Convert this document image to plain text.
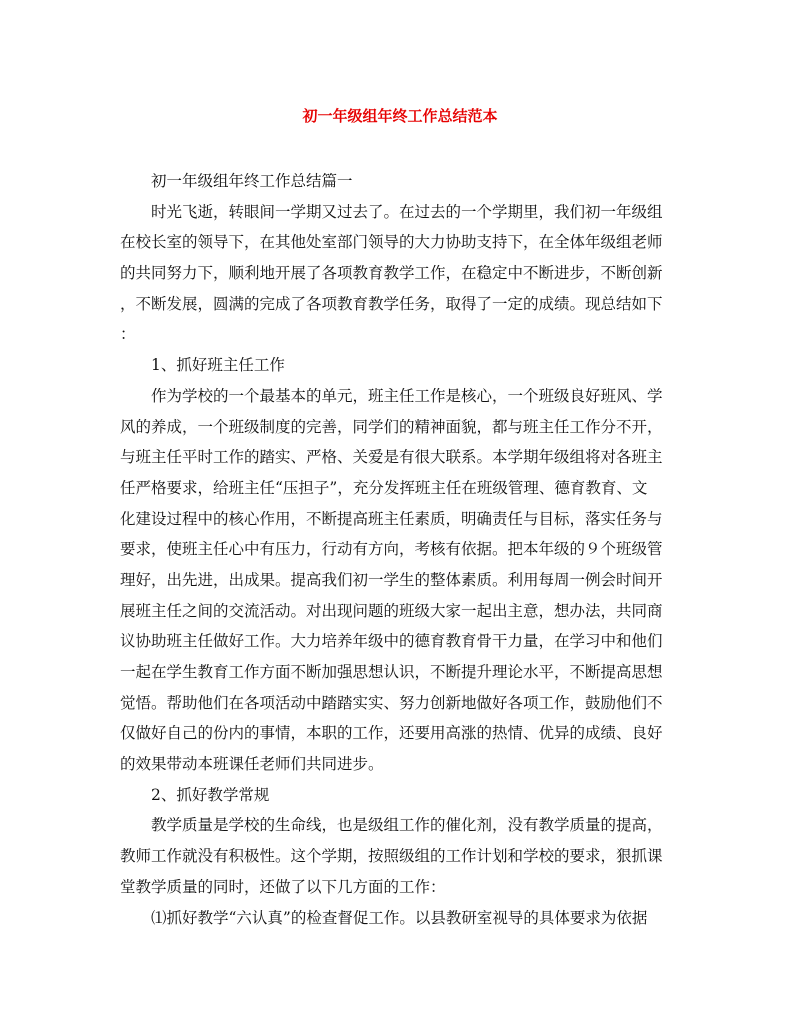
初一年级组年终工作总结范本
初一年级组年终工作总结篇一
时光飞逝，转眼间一学期又过去了。在过去的一个学期里，我们初一年级组
在校长室的领导下，在其他处室部门领导的大力协助支持下，在全体年级组老师
的共同努力下，顺利地开展了各项教育教学工作，在稳定中不断进步，不断创新
，不断发展，圆满的完成了各项教育教学任务，取得了一定的成绩。现总结如下
：
1、抓好班主任工作
作为学校的一个最基本的单元，班主任工作是核心，一个班级良好班风、学
风的养成，一个班级制度的完善，同学们的精神面貌，都与班主任工作分不开，
与班主任平时工作的踏实、严格、关爱是有很大联系。本学期年级组将对各班主
任严格要求，给班主任“压担子”，充分发挥班主任在班级管理、德育教育、文
化建设过程中的核心作用，不断提高班主任素质，明确责任与目标，落实任务与
要求，使班主任心中有压力，行动有方向，考核有依据。把本年级的９个班级管
理好，出先进，出成果。提高我们初一学生的整体素质。利用每周一例会时间开
展班主任之间的交流活动。对出现问题的班级大家一起出主意，想办法，共同商
议协助班主任做好工作。大力培养年级中的德育教育骨干力量，在学习中和他们
一起在学生教育工作方面不断加强思想认识，不断提升理论水平，不断提高思想
觉悟。帮助他们在各项活动中踏踏实实、努力创新地做好各项工作，鼓励他们不
仅做好自己的份内的事情，本职的工作，还要用高涨的热情、优异的成绩、良好
的效果带动本班课任老师们共同进步。
2、抓好教学常规
教学质量是学校的生命线，也是级组工作的催化剂，没有教学质量的提高，
教师工作就没有积极性。这个学期，按照级组的工作计划和学校的要求，狠抓课
堂教学质量的同时，还做了以下几方面的工作：
⑴抓好教学“六认真”的检查督促工作。以县教研室视导的具体要求为依据
